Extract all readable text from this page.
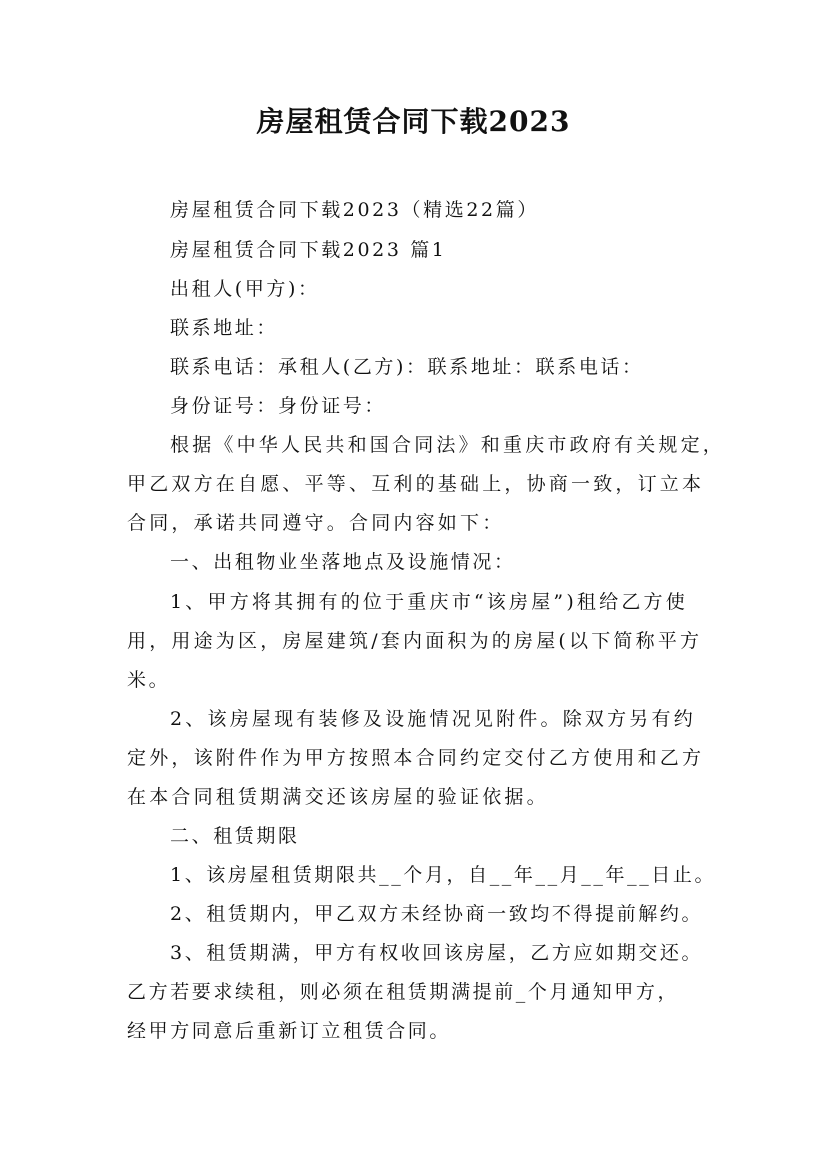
房屋租赁合同下载2023
房屋租赁合同下载2023（精选22篇）
房屋租赁合同下载2023 篇1
出租人(甲方)：
联系地址：
联系电话：承租人(乙方)：联系地址：联系电话：
身份证号：身份证号：
根据《中华人民共和国合同法》和重庆市政府有关规定，
甲乙双方在自愿、平等、互利的基础上，协商一致，订立本
合同，承诺共同遵守。合同内容如下：
一、出租物业坐落地点及设施情况：
1、甲方将其拥有的位于重庆市“该房屋”)租给乙方使
用，用途为区，房屋建筑/套内面积为的房屋(以下简称平方
米。
2、该房屋现有装修及设施情况见附件。除双方另有约
定外，该附件作为甲方按照本合同约定交付乙方使用和乙方
在本合同租赁期满交还该房屋的验证依据。
二、租赁期限
1、该房屋租赁期限共__个月，自__年__月__年__日止。
2、租赁期内，甲乙双方未经协商一致均不得提前解约。
3、租赁期满，甲方有权收回该房屋，乙方应如期交还。
乙方若要求续租，则必须在租赁期满提前_个月通知甲方，
经甲方同意后重新订立租赁合同。
